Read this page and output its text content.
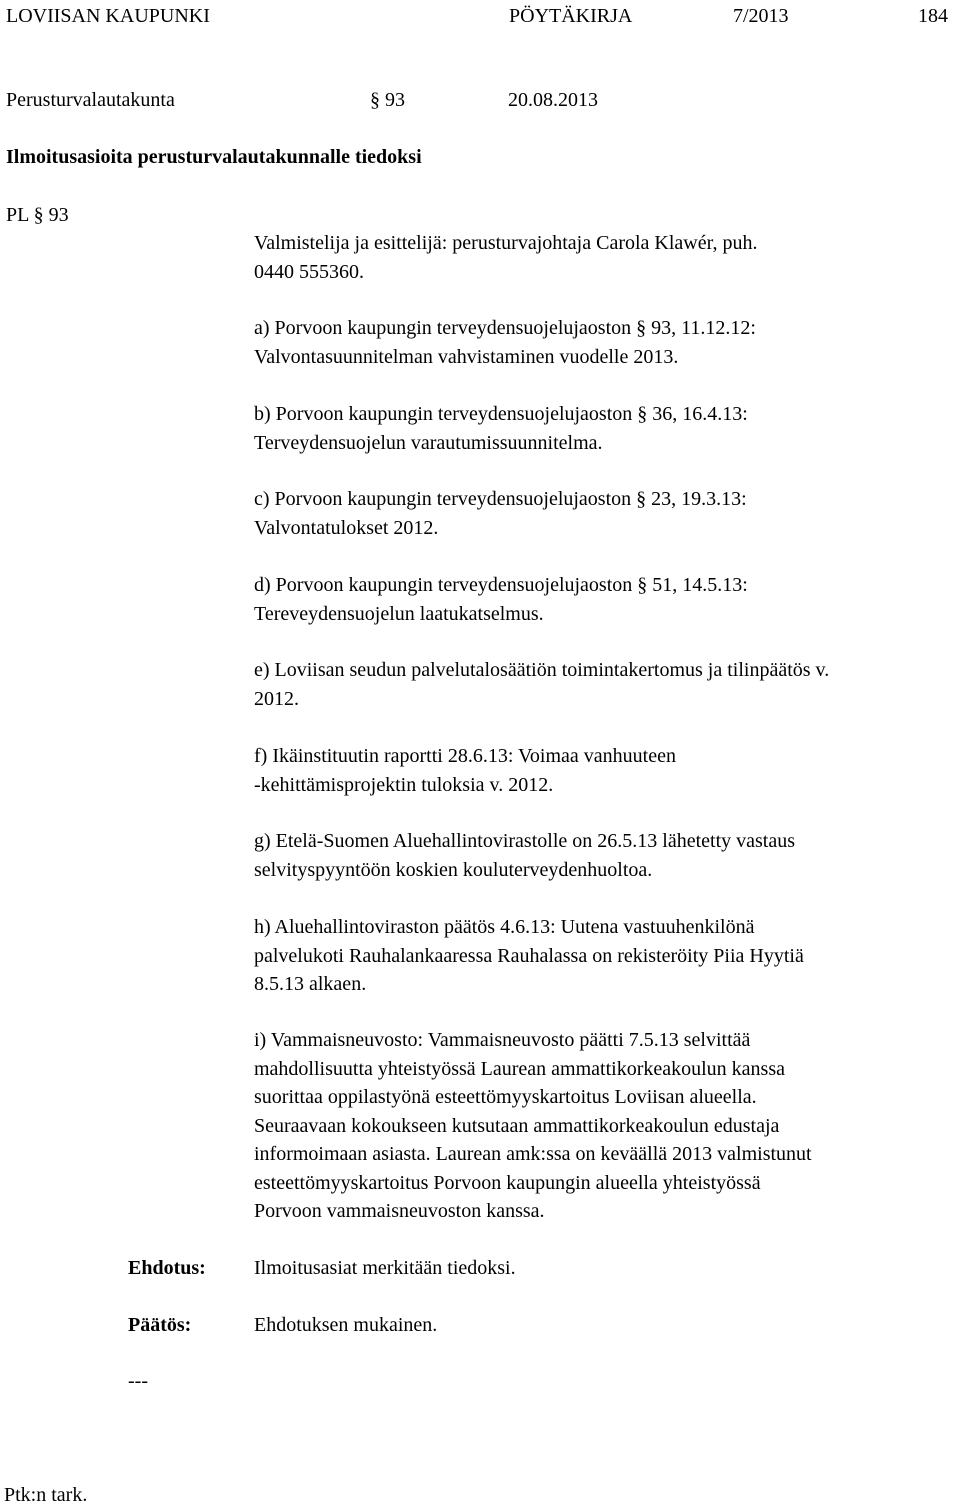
LOVIISAN KAUPUNKI	PÖYTÄKIRJA	7/2013	184
Perusturvalautakunta	§ 93	20.08.2013
Ilmoitusasioita perusturvalautakunnalle tiedoksi
PL § 93
Valmistelija ja esittelijä: perusturvajohtaja Carola Klawér, puh.
0440 555360.
a) Porvoon kaupungin terveydensuojelujaoston § 93, 11.12.12:
Valvontasuunnitelman vahvistaminen vuodelle 2013.
b) Porvoon kaupungin terveydensuojelujaoston § 36, 16.4.13:
Terveydensuojelun varautumissuunnitelma.
c) Porvoon kaupungin terveydensuojelujaoston § 23, 19.3.13:
Valvontatulokset 2012.
d) Porvoon kaupungin terveydensuojelujaoston § 51, 14.5.13:
Tereveydensuojelun laatukatselmus.
e) Loviisan seudun palvelutalosäätiön toimintakertomus ja tilinpäätös v.
2012.
f) Ikäinstituutin raportti 28.6.13: Voimaa vanhuuteen
-kehittämisprojektin tuloksia v. 2012.
g) Etelä-Suomen Aluehallintovirastolle on 26.5.13 lähetetty vastaus
selvityspyyntöön koskien kouluterveydenhuoltoa.
h) Aluehallintoviraston päätös 4.6.13: Uutena vastuuhenkilönä
palvelukoti Rauhalankaaressa Rauhalassa on rekisteröity Piia Hyytiä
8.5.13 alkaen.
i) Vammaisneuvosto: Vammaisneuvosto päätti 7.5.13 selvittää
mahdollisuutta yhteistyössä Laurean ammattikorkeakoulun kanssa
suorittaa oppilastyönä esteettömyyskartoitus Loviisan alueella.
Seuraavaan kokoukseen kutsutaan ammattikorkeakoulun edustaja
informoimaan asiasta. Laurean amk:ssa on keväällä 2013 valmistunut
esteettömyyskartoitus Porvoon kaupungin alueella yhteistyössä
Porvoon vammaisneuvoston kanssa.
Ehdotus: Ilmoitusasiat merkitään tiedoksi.
Päätös:	Ehdotuksen mukainen.
---
Ptk:n tark.
